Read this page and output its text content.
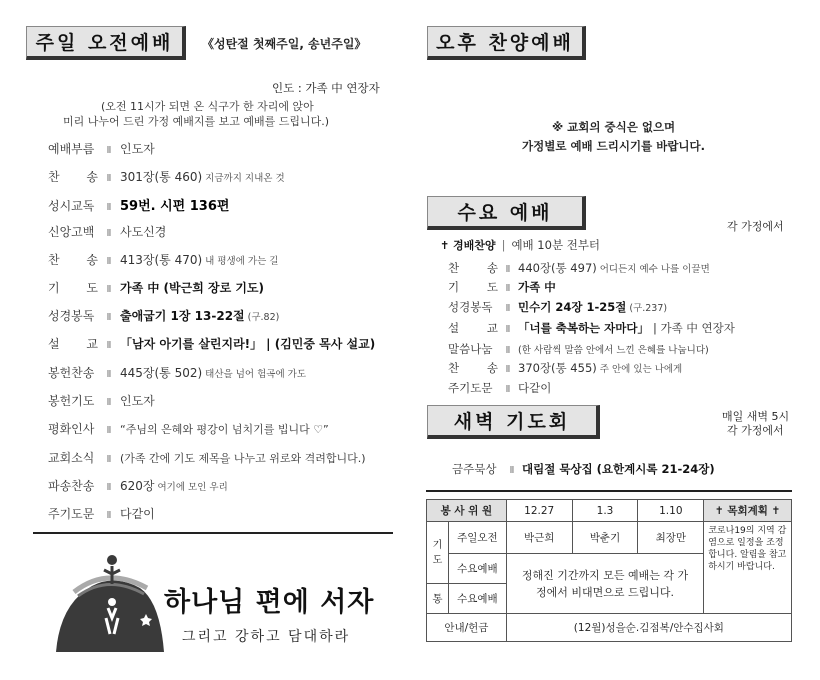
주일 오전예배 《성탄절 첫째주일, 송년주일》
인도 : 가족 中 연장자
(오전 11시가 되면 온 식구가 한 자리에 앉아
미리 나누어 드린 가정 예배지를 보고 예배를 드립니다.)
예배부름	Ⅱ 인도자
찬 송 Ⅱ 301장(통 460) 지금까지 지내온 것
성시교독	Ⅱ 59번. 시편 136편
신앙고백	Ⅱ 사도신경
찬 송 Ⅱ 413장(통 470) 내 평생에 가는 길
기 도 Ⅱ 가족 中 (박근희 장로 기도)
성경봉독	Ⅱ 출애굽기 1장 13-22절 (구.82)
설 교 Ⅱ 「남자 아기를 살린지라!」 | (김민중 목사 설교)
봉헌찬송	Ⅱ 445장(통 502) 태산을 넘어 험곡에 가도
봉헌기도	Ⅱ 인도자
평화인사	Ⅱ “주님의 은혜와 평강이 넘치기를 빕니다 ♡”
교회소식	Ⅱ (가족 간에 기도 제목을 나누고 위로와 격려합니다.)
파송찬송	Ⅱ 620장 여기에 모인 우리
주기도문	Ⅱ 다같이
하나님 편에 서자
그리고 강하고 담대하라
오후 찬양예배
※ 교회의 중식은 없으며
가정별로 예배 드리시기를 바랍니다.
수요 예배
각 가정에서
✝ 경배찬양 | 예배 10분 전부터
찬 송 Ⅱ 440장(통 497) 어디든지 예수 나를 이끌면
기 도 Ⅱ 가족 中
성경봉독	Ⅱ 민수기 24장 1-25절 (구.237)
설 교 Ⅱ 「너를 축복하는 자마다」 | 가족 中 연장자
말씀나눔	Ⅱ (한 사람씩 말씀 안에서 느낀 은혜를 나눕니다)
찬 송 Ⅱ 370장(통 455) 주 안에 있는 나에게
주기도문	Ⅱ 다같이
새벽 기도회	매일 새벽 5시
각 가정에서
금주묵상	Ⅱ 대림절 묵상집 (요한계시록 21-24장)
봉 사 위 원		12.27	1.3	1.10	✝ 목회계획 ✝
기도	주일오전	박근희	박춘기	최장만	코로나19의 지역 감염으로 일정을 조정합니다. 알림을 참고하시기 바랍니다.
	수요예배	정해진 기간까지 모든 예배는 각 가정에서 비대면으로 드립니다.			
통	수요예배				
안내/헌금		(12월)성을순.김점복/안수집사회			
